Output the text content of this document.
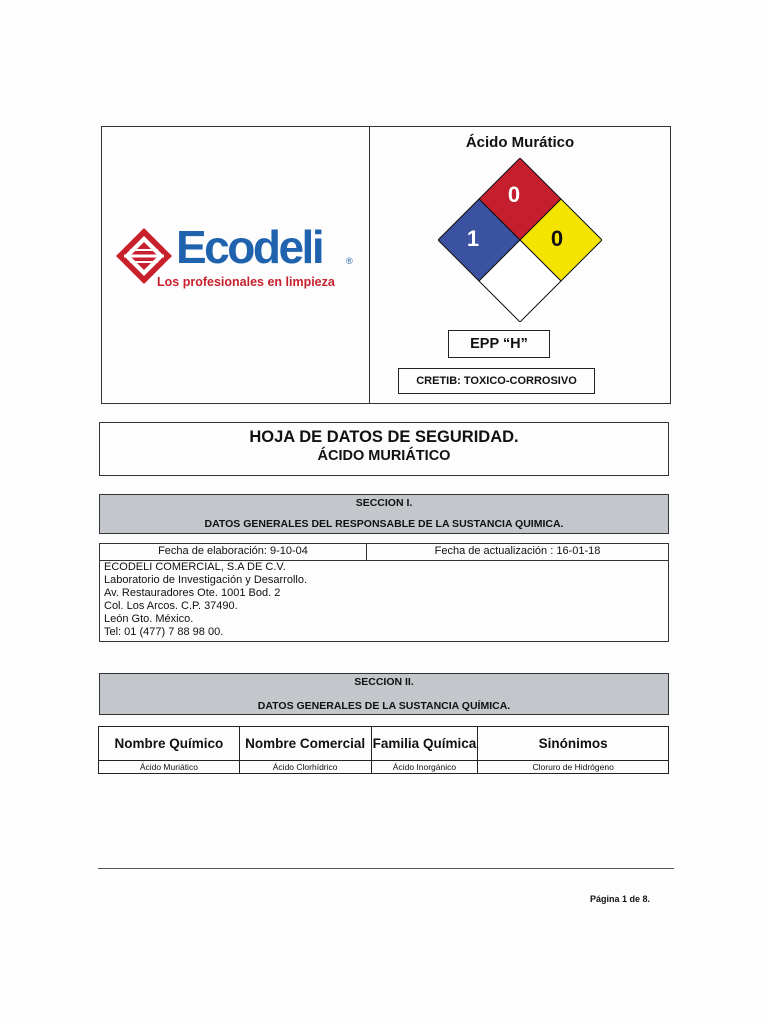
Ecodeli	®
Los profesionales en limpieza
Ácido Murático
0
1	0
EPP “H”
CRETIB: TOXICO-CORROSIVO
HOJA DE DATOS DE SEGURIDAD.
ÁCIDO MURIÁTICO
SECCION I.
DATOS GENERALES DEL RESPONSABLE DE LA SUSTANCIA QUIMICA.
Fecha de elaboración: 9-10-04	Fecha de actualización : 16-01-18
ECODELI COMERCIAL, S.A DE C.V.
Laboratorio de Investigación y Desarrollo.
Av. Restauradores Ote. 1001 Bod. 2
Col. Los Arcos. C.P. 37490.
León Gto. México.
Tel: 01 (477) 7 88 98 00.
SECCION II.
DATOS GENERALES DE LA SUSTANCIA QUÍMICA.
Nombre Químico	Nombre Comercial	Familia Química	Sinónimos
Ácido Muriático	Ácido Clorhídrico	Ácido Inorgánico	Cloruro de Hidrógeno
Página 1 de 8.
